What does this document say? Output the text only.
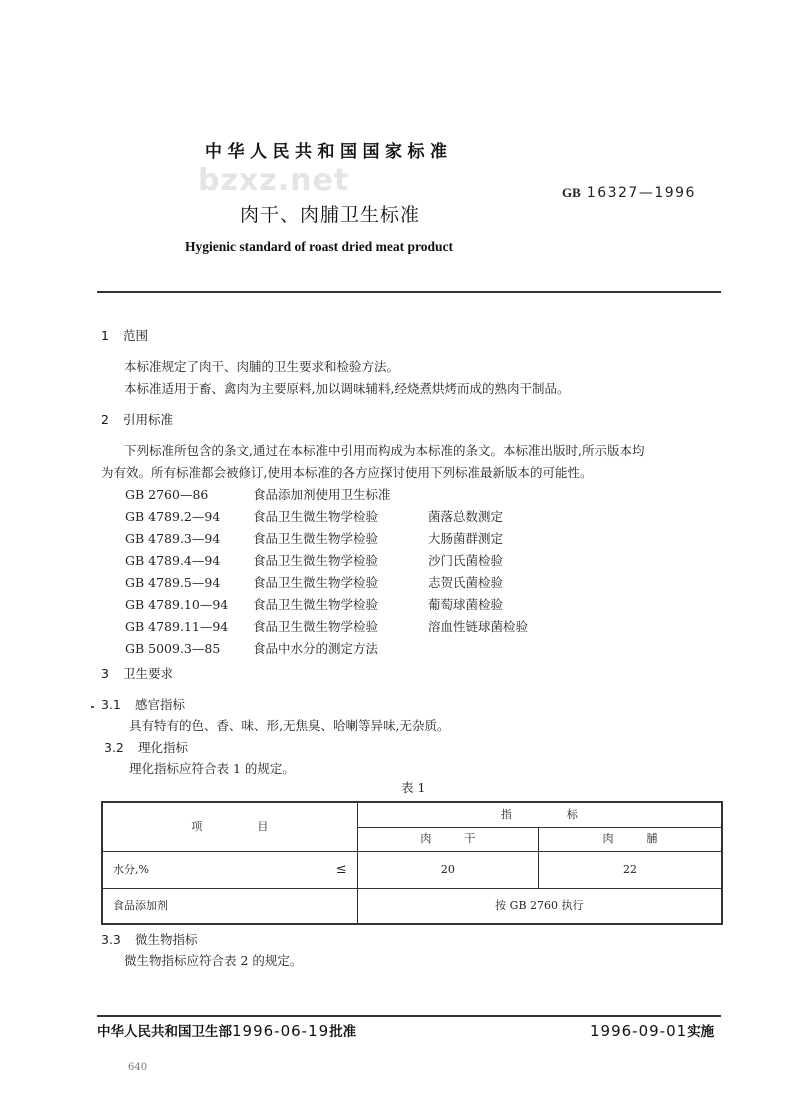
中华人民共和国国家标准
bzxz.net
肉干、肉脯卫生标准
GB 16327—1996
Hygienic standard of roast dried meat product
1 范围
本标准规定了肉干、肉脯的卫生要求和检验方法。
本标准适用于畜、禽肉为主要原料,加以调味辅料,经烧煮烘烤而成的熟肉干制品。
2 引用标准
下列标准所包含的条文,通过在本标准中引用而构成为本标准的条文。本标准出版时,所示版本均
为有效。所有标准都会被修订,使用本标准的各方应探讨使用下列标准最新版本的可能性。
GB 2760—86	食品添加剂使用卫生标准
GB 4789.2—94	食品卫生微生物学检验	菌落总数测定
GB 4789.3—94	食品卫生微生物学检验	大肠菌群测定
GB 4789.4—94	食品卫生微生物学检验	沙门氏菌检验
GB 4789.5—94	食品卫生微生物学检验	志贺氏菌检验
GB 4789.10—94 食品卫生微生物学检验	葡萄球菌检验
GB 4789.11—94 食品卫生微生物学检验	溶血性链球菌检验
GB 5009.3—85	食品中水分的测定方法
3 卫生要求
3.1 感官指标
具有特有的色、香、味、形,无焦臭、哈喇等异味,无杂质。
3.2 理化指标
理化指标应符合表 1 的规定。
表 1
项　　　　　目	指　　　　　标	
	肉　　　干	肉　　　脯
水分,% ≤	20	22
食品添加剂	按 GB 2760 执行	
3.3 微生物指标
微生物指标应符合表 2 的规定。
中华人民共和国卫生部1996-06-19批准	1996-09-01实施
640
